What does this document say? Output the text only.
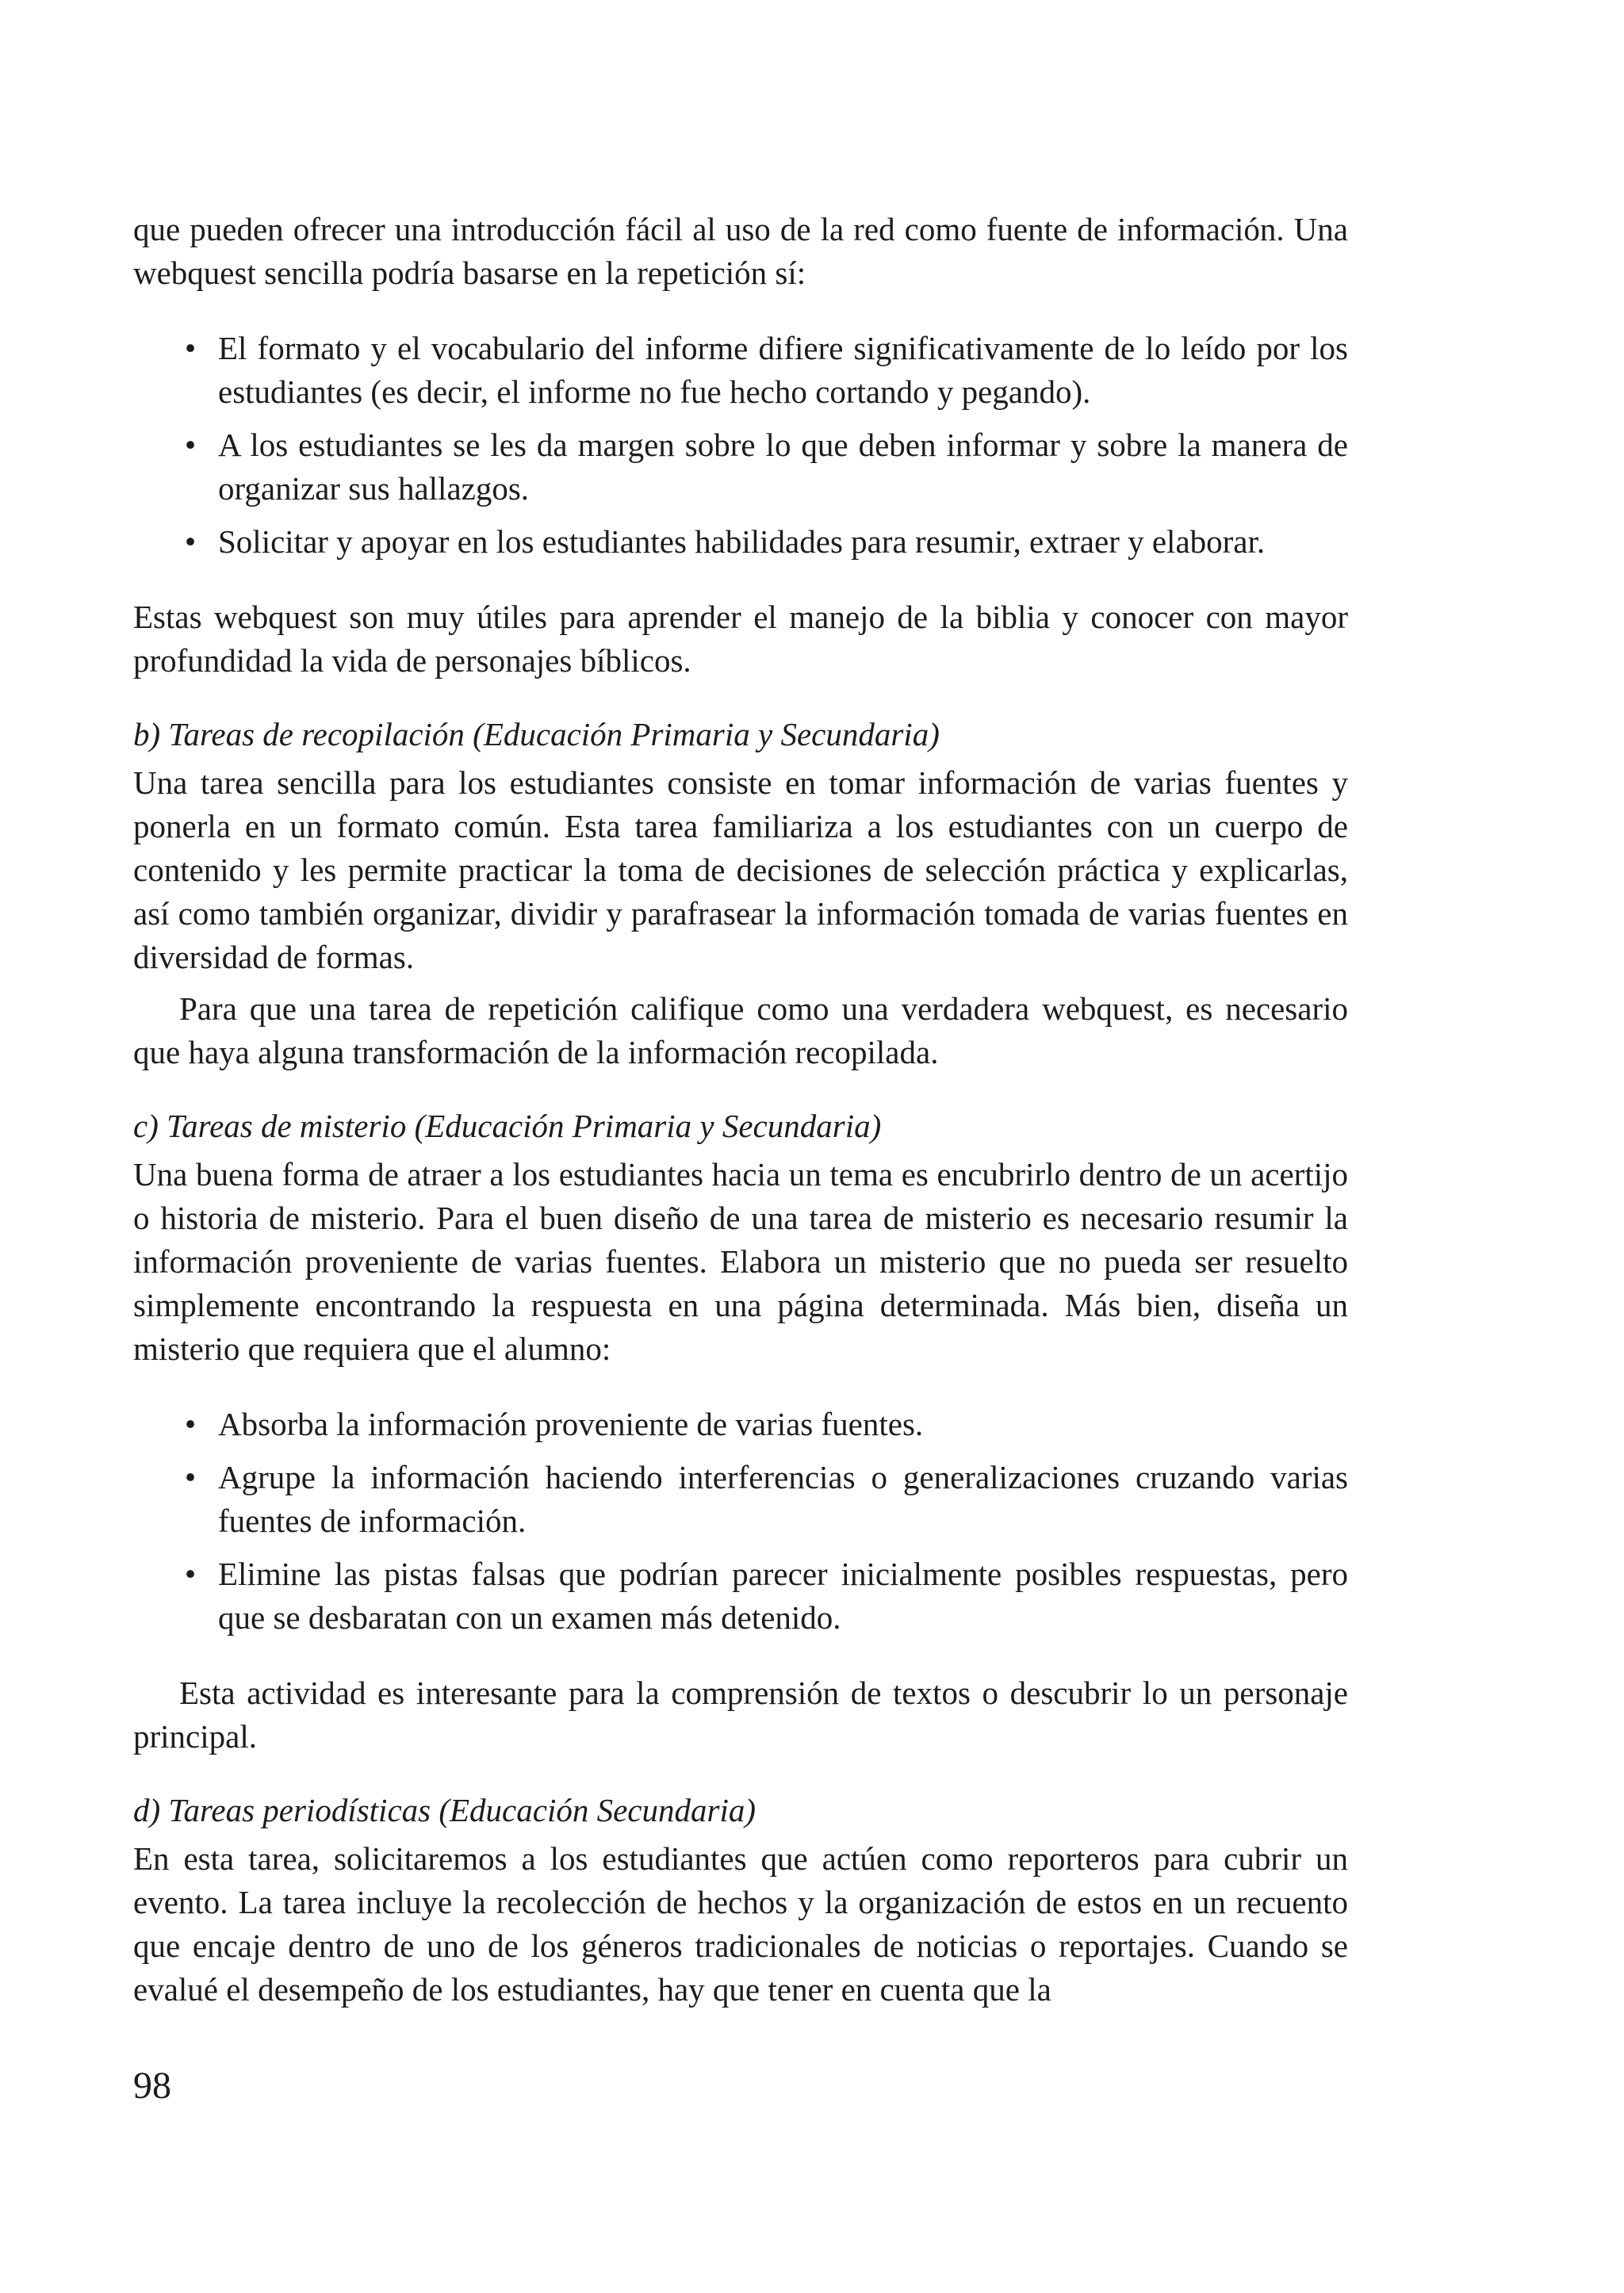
que pueden ofrecer una introducción fácil al uso de la red como fuente de información. Una webquest sencilla podría basarse en la repetición sí:

• El formato y el vocabulario del informe difiere significativamente de lo leído por los estudiantes (es decir, el informe no fue hecho cortando y pegando).
• A los estudiantes se les da margen sobre lo que deben informar y sobre la manera de organizar sus hallazgos.
• Solicitar y apoyar en los estudiantes habilidades para resumir, extraer y elaborar.

Estas webquest son muy útiles para aprender el manejo de la biblia y conocer con mayor profundidad la vida de personajes bíblicos.

b) Tareas de recopilación (Educación Primaria y Secundaria)

Una tarea sencilla para los estudiantes consiste en tomar información de varias fuentes y ponerla en un formato común. Esta tarea familiariza a los estudiantes con un cuerpo de contenido y les permite practicar la toma de decisiones de selección práctica y explicarlas, así como también organizar, dividir y parafrasear la información tomada de varias fuentes en diversidad de formas.

Para que una tarea de repetición califique como una verdadera webquest, es necesario que haya alguna transformación de la información recopilada.

c) Tareas de misterio (Educación Primaria y Secundaria)

Una buena forma de atraer a los estudiantes hacia un tema es encubrirlo dentro de un acertijo o historia de misterio. Para el buen diseño de una tarea de misterio es necesario resumir la información proveniente de varias fuentes. Elabora un misterio que no pueda ser resuelto simplemente encontrando la respuesta en una página determinada. Más bien, diseña un misterio que requiera que el alumno:

• Absorba la información proveniente de varias fuentes.
• Agrupe la información haciendo interferencias o generalizaciones cruzando varias fuentes de información.
• Elimine las pistas falsas que podrían parecer inicialmente posibles respuestas, pero que se desbaratan con un examen más detenido.

Esta actividad es interesante para la comprensión de textos o descubrir lo un personaje principal.

d) Tareas periodísticas (Educación Secundaria)

En esta tarea, solicitaremos a los estudiantes que actúen como reporteros para cubrir un evento. La tarea incluye la recolección de hechos y la organización de estos en un recuento que encaje dentro de uno de los géneros tradicionales de noticias o reportajes. Cuando se evalué el desempeño de los estudiantes, hay que tener en cuenta que la

98
